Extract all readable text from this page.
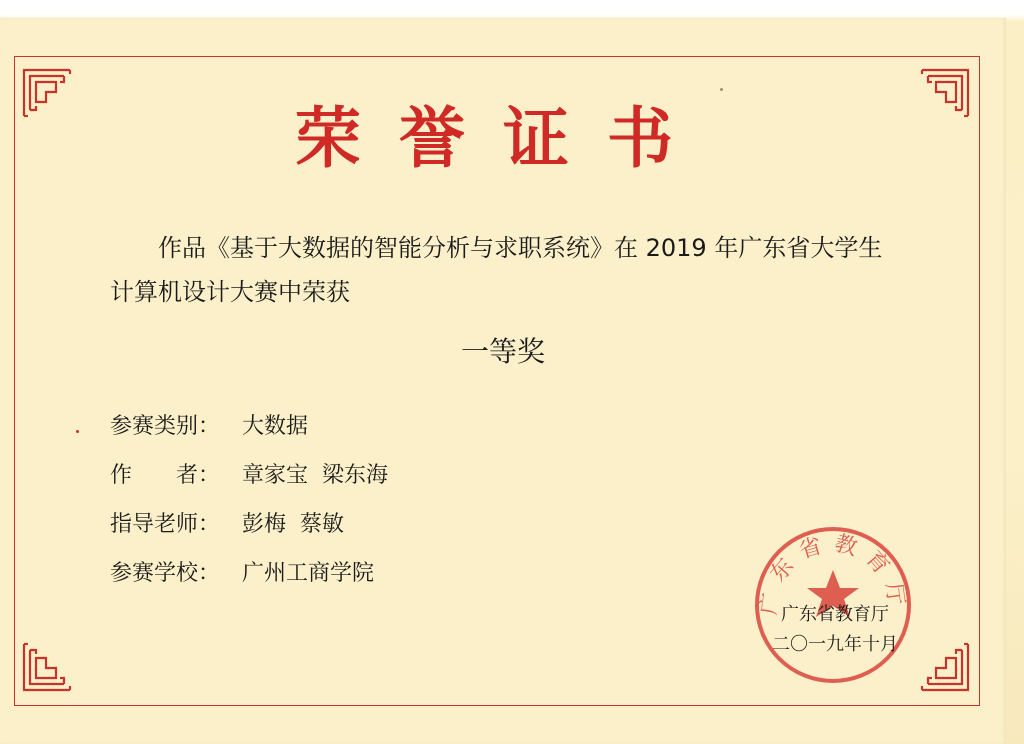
荣誉证书
作品《基于大数据的智能分析与求职系统》在 2019 年广东省大学生计算机设计大赛中荣获
一等奖
参赛类别： 大数据
作　　者： 章家宝  梁东海
指导老师： 彭梅  蔡敏
参赛学校： 广州工商学院
广东省教育厅
广东省教育厅
二〇一九年十月
